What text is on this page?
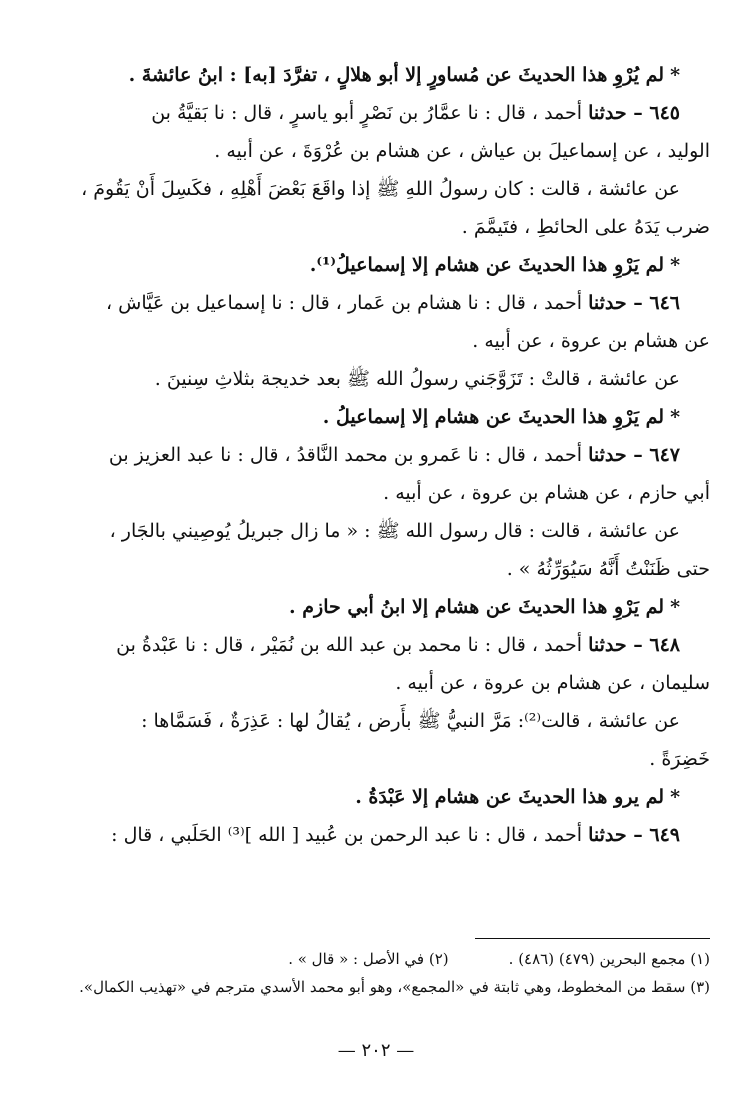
*لم يُرْوِ هذا الحديثَ عن مُساورٍ إلا أبو هلالٍ ، تفرَّدَ [به] : ابنُ عائشةَ .
٦٤٥ – حدثنا أحمد ، قال : نا عمَّارُ بن نَصْرٍ أبو ياسرٍ ، قال : نا بَقيَّةُ بن
الوليد ، عن إسماعيلَ بن عياش ، عن هشام بن عُرْوَةَ ، عن أبيه .
عن عائشة ، قالت : كان رسولُ اللهِ ﷺ إذا واقَعَ بَعْضَ أَهْلِهِ ، فكَسِلَ أَنْ يَقُومَ ،
ضرب يَدَهُ على الحائطِ ، فتَيمَّمَ .
*لم يَرْوِ هذا الحديثَ عن هشام إلا إسماعيلُ⁽¹⁾.
٦٤٦ – حدثنا أحمد ، قال : نا هشام بن عَمار ، قال : نا إسماعيل بن عَيَّاش ،
عن هشام بن عروة ، عن أبيه .
عن عائشة ، قالتْ : تَزَوَّجَني رسولُ الله ﷺ بعد خديجة بثلاثِ سِنينَ .
*لم يَرْوِ هذا الحديثَ عن هشام إلا إسماعيلُ .
٦٤٧ – حدثنا أحمد ، قال : نا عَمرو بن محمد النَّاقدُ ، قال : نا عبد العزيز بن
أبي حازم ، عن هشام بن عروة ، عن أبيه .
عن عائشة ، قالت : قال رسول الله ﷺ : « ما زال جبريلُ يُوصِيني بالجَار ،
حتى ظَنَنْتُ أَنَّهُ سَيُوَرِّثُهُ » .
*لم يَرْوِ هذا الحديثَ عن هشام إلا ابنُ أبي حازم .
٦٤٨ – حدثنا أحمد ، قال : نا محمد بن عبد الله بن نُمَيْر ، قال : نا عَبْدةُ بن
سليمان ، عن هشام بن عروة ، عن أبيه .
عن عائشة ، قالت⁽²⁾: مَرَّ النبيُّ ﷺ بأَرض ، يُقالُ لها : عَذِرَةٌ ، فَسَمَّاها :
خَضِرَةً .
*لم يرو هذا الحديثَ عن هشام إلا عَبْدَةُ .
٦٤٩ – حدثنا أحمد ، قال : نا عبد الرحمن بن عُبيد [ الله ]⁽³⁾ الحَلَبي ، قال :
(١) مجمع البحرين (٤٧٩) (٤٨٦) .(٢) في الأصل : « قال » .
(٣) سقط من المخطوط، وهي ثابتة في «المجمع»، وهو أبو محمد الأسدي مترجم في «تهذيب الكمال».
— ٢٠٢ —
